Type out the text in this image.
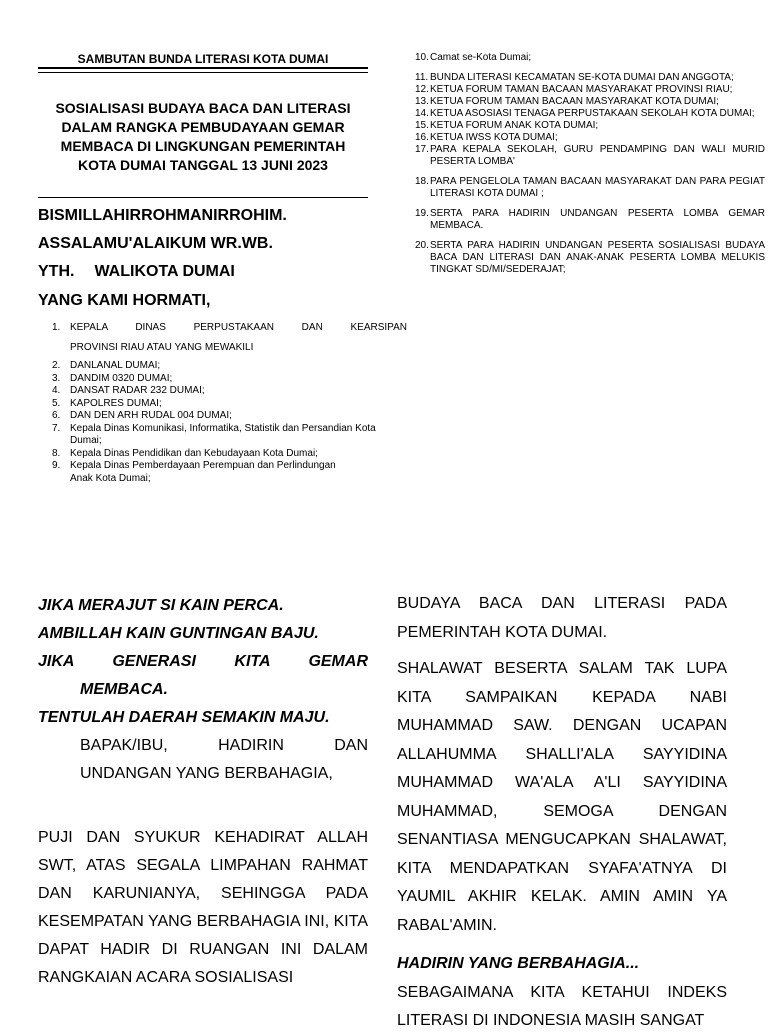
SAMBUTAN BUNDA LITERASI KOTA DUMAI
SOSIALISASI BUDAYA BACA DAN LITERASI
DALAM RANGKA PEMBUDAYAAN GEMAR
MEMBACA DI LINGKUNGAN PEMERINTAH
KOTA DUMAI TANGGAL 13 JUNI 2023
BISMILLAHIRROHMANIRROHIM.
ASSALAMU'ALAIKUM WR.WB.
YTH. WALIKOTA DUMAI
YANG KAMI HORMATI,
1. KEPALA DINAS PERPUSTAKAAN DAN KEARSIPAN
PROVINSI RIAU ATAU YANG MEWAKILI
2. DANLANAL DUMAI;
3. DANDIM 0320 DUMAI;
4. DANSAT RADAR 232 DUMAI;
5. KAPOLRES DUMAI;
6. DAN DEN ARH RUDAL 004 DUMAI;
7. Kepala Dinas Komunikasi, Informatika, Statistik dan Persandian Kota
Dumai;
8. Kepala Dinas Pendidikan dan Kebudayaan Kota Dumai;
9. Kepala Dinas Pemberdayaan Perempuan dan Perlindungan
Anak Kota Dumai;
10. Camat se-Kota Dumai;
11. BUNDA LITERASI KECAMATAN SE-KOTA DUMAI DAN ANGGOTA;
12. KETUA FORUM TAMAN BACAAN MASYARAKAT PROVINSI RIAU;
13. KETUA FORUM TAMAN BACAAN MASYARAKAT KOTA DUMAI;
14. KETUA ASOSIASI TENAGA PERPUSTAKAAN SEKOLAH KOTA DUMAI;
15. KETUA FORUM ANAK KOTA DUMAI;
16. KETUA IWSS KOTA DUMAI;
17. PARA KEPALA SEKOLAH, GURU PENDAMPING DAN WALI MURID PESERTA LOMBA'
18. PARA PENGELOLA TAMAN BACAAN MASYARAKAT DAN PARA PEGIAT LITERASI KOTA DUMAI ;
19. SERTA PARA HADIRIN UNDANGAN PESERTA LOMBA GEMAR MEMBACA.
20. SERTA PARA HADIRIN UNDANGAN PESERTA SOSIALISASI BUDAYA BACA DAN LITERASI DAN ANAK-ANAK PESERTA LOMBA MELUKIS TINGKAT SD/MI/SEDERAJAT;
JIKA MERAJUT SI KAIN PERCA.
AMBILLAH KAIN GUNTINGAN BAJU.
JIKA GENERASI KITA GEMAR
MEMBACA.
TENTULAH DAERAH SEMAKIN MAJU.
BAPAK/IBU, HADIRIN DAN UNDANGAN YANG BERBAHAGIA,
PUJI DAN SYUKUR KEHADIRAT ALLAH SWT, ATAS SEGALA LIMPAHAN RAHMAT DAN KARUNIANYA, SEHINGGA PADA KESEMPATAN YANG BERBAHAGIA INI, KITA DAPAT HADIR DI RUANGAN INI DALAM RANGKAIAN ACARA SOSIALISASI

BUDAYA BACA DAN LITERASI PADA PEMERINTAH KOTA DUMAI.

SHALAWAT BESERTA SALAM TAK LUPA KITA SAMPAIKAN KEPADA NABI MUHAMMAD SAW. DENGAN UCAPAN ALLAHUMMA SHALLI'ALA SAYYIDINA MUHAMMAD WA'ALA A'LI SAYYIDINA MUHAMMAD, SEMOGA DENGAN SENANTIASA MENGUCAPKAN SHALAWAT, KITA MENDAPATKAN SYAFA'ATNYA DI YAUMIL AKHIR KELAK. AMIN AMIN YA RABAL'AMIN.

HADIRIN YANG BERBAHAGIA...

SEBAGAIMANA KITA KETAHUI INDEKS LITERASI DI INDONESIA MASIH SANGAT
